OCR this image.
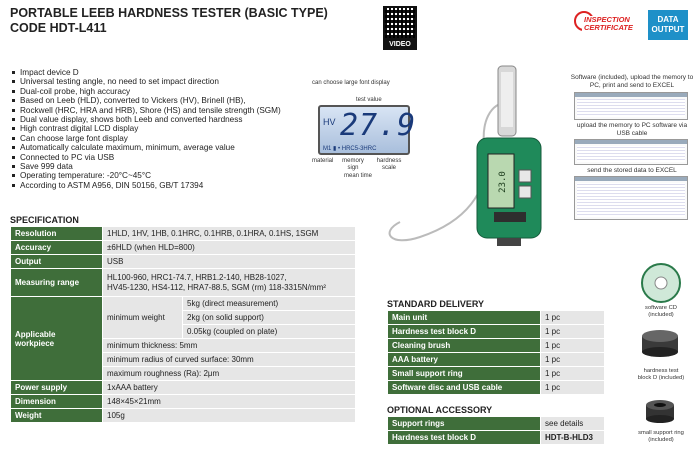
PORTABLE LEEB HARDNESS TESTER (BASIC TYPE)
CODE HDT-L411
VIDEO
INSPECTION
CERTIFICATE
DATA
OUTPUT
Impact device D
Universal testing angle, no need to set impact direction
Dual-coil probe, high accuracy
Based on Leeb (HLD), converted to Vickers (HV), Brinell (HB),
Rockwell (HRC, HRA and HRB), Shore (HS) and tensile strength (SGM)
Dual value display, shows both Leeb and converted hardness
High contrast digital LCD display
Can choose large font display
Automatically calculate maximum, minimum, average value
Connected to PC via USB
Save 999 data
Operating temperature: -20°C~45°C
According to ASTM A956, DIN 50156, GB/T 17394
can choose large font display
test value
HV 27.9
M1 ▮ • HRC5-3HRC
material	memory sign
hardness scale
mean time	23.0
Software (included), upload the memory to PC, print and send to EXCEL
upload the memory to PC software via USB cable
send the stored data to EXCEL
SPECIFICATION
Resolution	1HLD, 1HV, 1HB, 0.1HRC, 0.1HRB, 0.1HRA, 0.1HS, 1SGM	
Accuracy	±6HLD (when HLD=800)	
Output	USB	
Measuring range	HL100-960, HRC1-74.7, HRB1.2-140, HB28-1027,
HV45-1230, HS4-112, HRA7-88.5, SGM (rm) 118-3315N/mm²	

Applicable
workpiece	minimum weight	5kg (direct measurement)
		2kg (on solid support)
		0.05kg (coupled on plate)
	minimum thickness: 5mm	
	minimum radius of curved surface: 30mm	
	maximum roughness (Ra): 2μm	
Power supply	1xAAA battery	
Dimension	148×45×21mm	
Weight	105g	
STANDARD DELIVERY
Main unit	1 pc
Hardness test block D	1 pc
Cleaning brush	1 pc
AAA battery	1 pc
Small support ring	1 pc
Software disc and USB cable	1 pc
OPTIONAL ACCESSORY
Support rings	see details
Hardness test block D	HDT-B-HLD3
software CD
(included)
hardness test
block D (included)
small support ring
(included)
